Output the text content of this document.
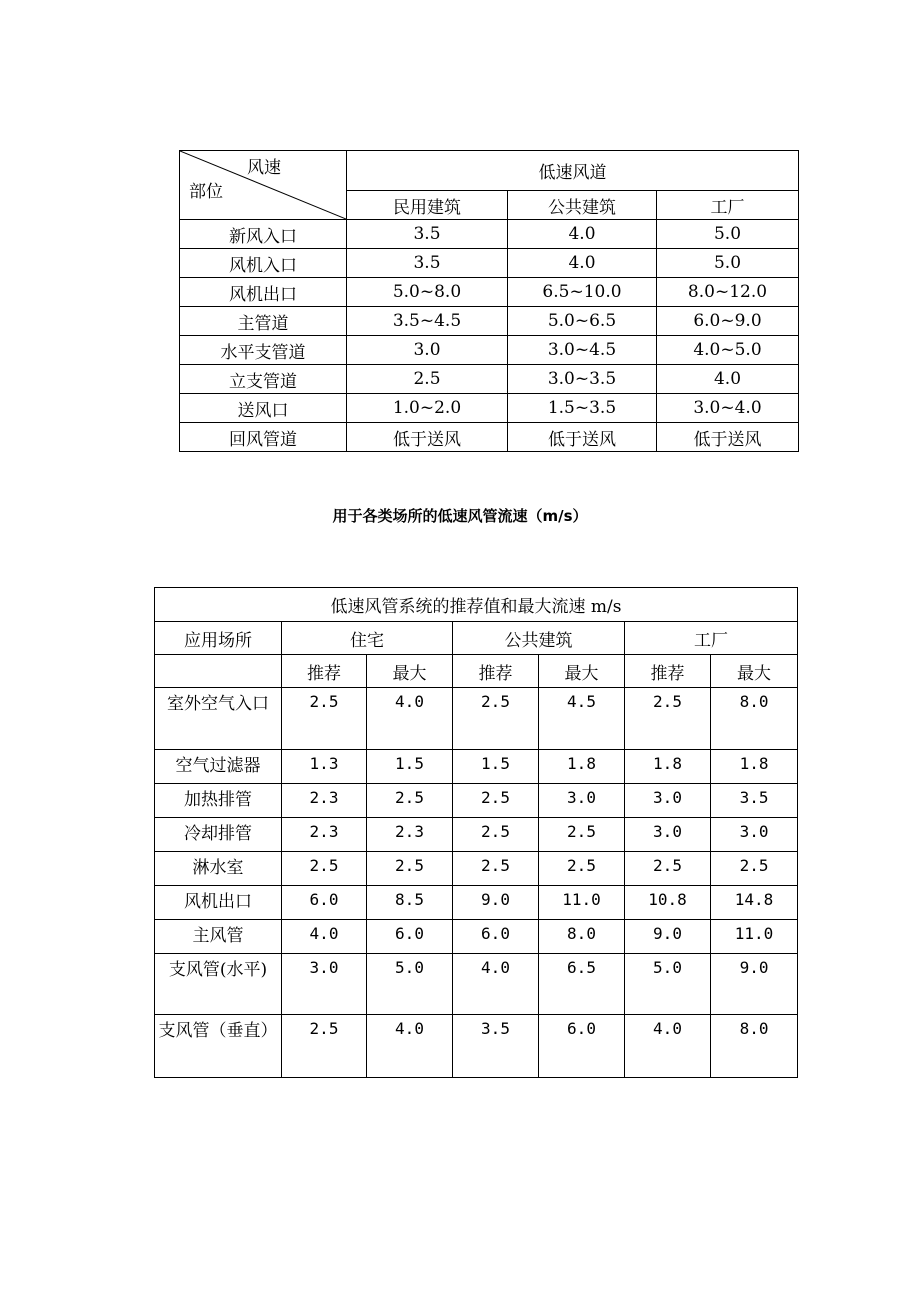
风速
部位	低速风道		
	民用建筑	公共建筑	工厂
新风入口	3.5	4.0	5.0
风机入口	3.5	4.0	5.0
风机出口	5.0~8.0	6.5~10.0	8.0~12.0
主管道	3.5~4.5	5.0~6.5	6.0~9.0
水平支管道	3.0	3.0~4.5	4.0~5.0
立支管道	2.5	3.0~3.5	4.0
送风口	1.0~2.0	1.5~3.5	3.0~4.0
回风管道	低于送风	低于送风	低于送风
用于各类场所的低速风管流速（m/s）
低速风管系统的推荐值和最大流速 m/s						
应用场所	住宅		公共建筑		工厂	
	推荐	最大	推荐	最大	推荐	最大
室外空气入口	2.5	4.0	2.5	4.5	2.5	8.0
空气过滤器	1.3	1.5	1.5	1.8	1.8	1.8
加热排管	2.3	2.5	2.5	3.0	3.0	3.5
冷却排管	2.3	2.3	2.5	2.5	3.0	3.0
淋水室	2.5	2.5	2.5	2.5	2.5	2.5
风机出口	6.0	8.5	9.0	11.0	10.8	14.8
主风管	4.0	6.0	6.0	8.0	9.0	11.0
支风管(水平)	3.0	5.0	4.0	6.5	5.0	9.0
支风管（垂直）	2.5	4.0	3.5	6.0	4.0	8.0
